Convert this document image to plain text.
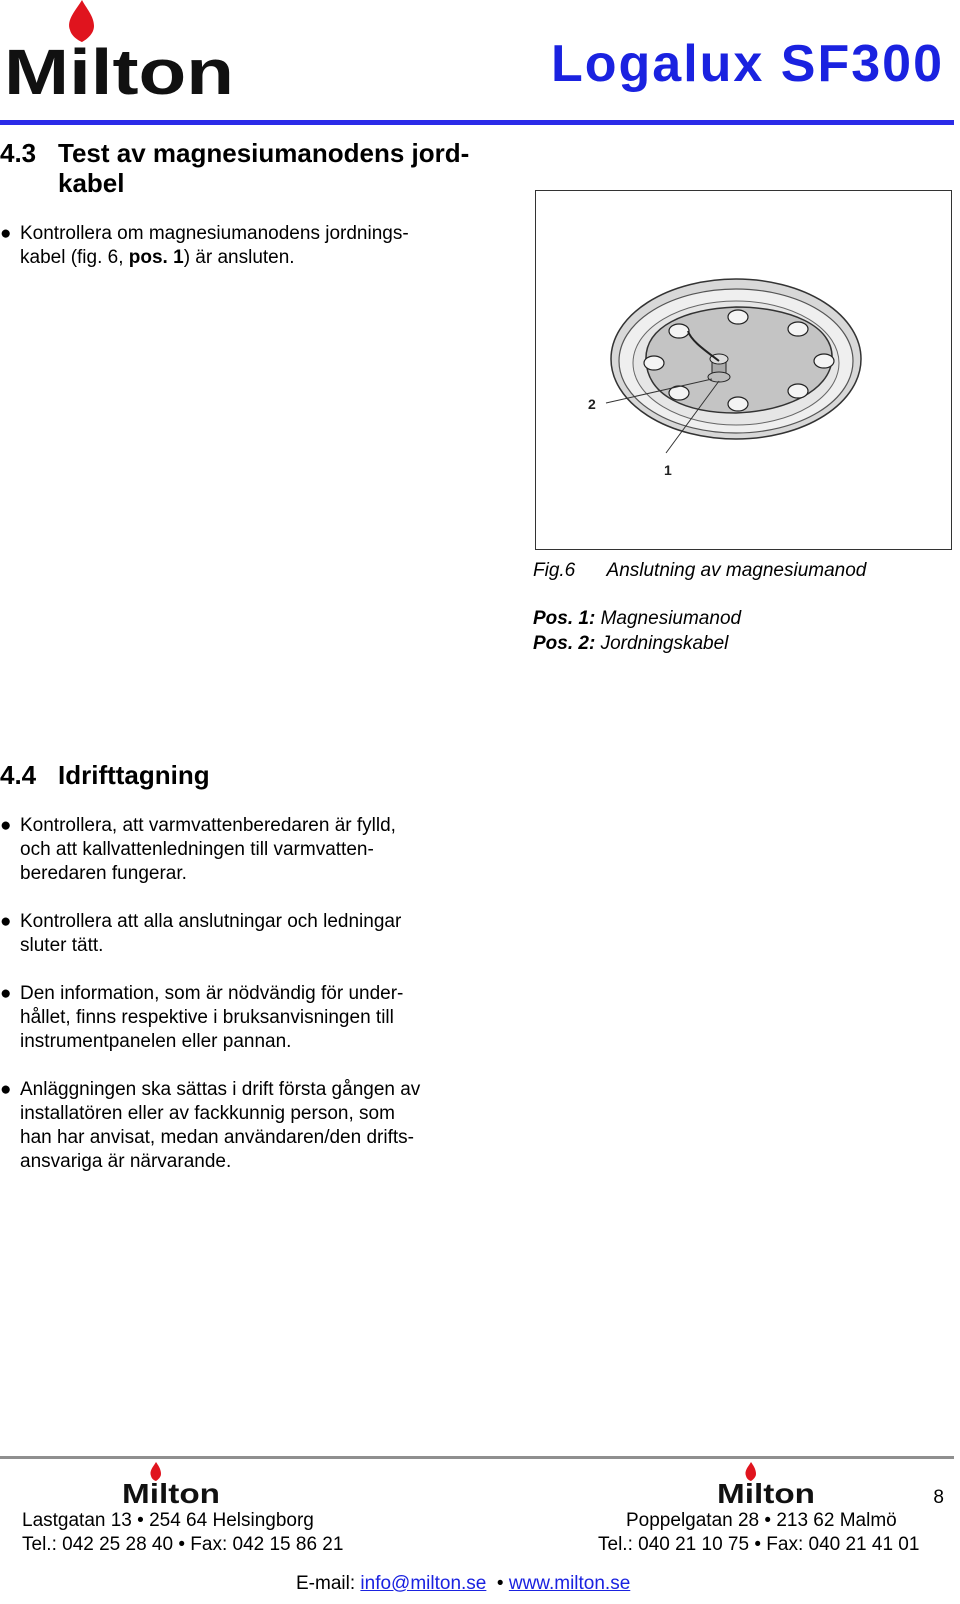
Milton	Logalux SF300
4.3 Test av magnesiumanodens jord-
kabel
● Kontrollera om magnesiumanodens jordnings-
kabel (fig. 6, pos. 1) är ansluten.
2
1
Fig.6 Anslutning av magnesiumanod
Pos. 1: Magnesiumanod
Pos. 2: Jordningskabel
4.4 Idrifttagning
● Kontrollera, att varmvattenberedaren är fylld,
och att kallvattenledningen till varmvatten-
beredaren fungerar.
● Kontrollera att alla anslutningar och ledningar
sluter tätt.
● Den information, som är nödvändig för under-
hållet, finns respektive i bruksanvisningen till
instrumentpanelen eller pannan.
● Anläggningen ska sättas i drift första gången av
installatören eller av fackkunnig person, som
han har anvisat, medan användaren/den drifts-
ansvariga är närvarande.
Milton	Milton	8
Lastgatan 13 • 254 64 Helsingborg
Tel.: 042 25 28 40 • Fax: 042 15 86 21
Poppelgatan 28 • 213 62 Malmö
Tel.: 040 21 10 75 • Fax: 040 21 41 01
E-mail: info@milton.se • www.milton.se
